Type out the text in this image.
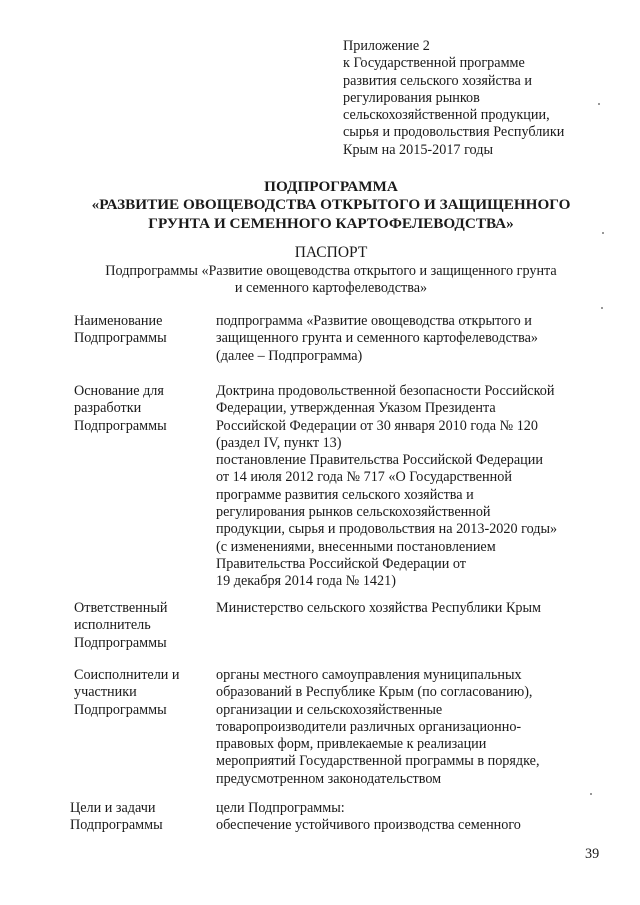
Приложение 2
к Государственной программе
развития сельского хозяйства и
регулирования рынков
сельскохозяйственной продукции,
сырья и продовольствия Республики
Крым на 2015-2017 годы
ПОДПРОГРАММА
«РАЗВИТИЕ ОВОЩЕВОДСТВА ОТКРЫТОГО И ЗАЩИЩЕННОГО
ГРУНТА И СЕМЕННОГО КАРТОФЕЛЕВОДСТВА»
ПАСПОРТ
Подпрограммы «Развитие овощеводства открытого и защищенного грунта
и семенного картофелеводства»
Наименование
Подпрограммы
подпрограмма «Развитие овощеводства открытого и
защищенного грунта и семенного картофелеводства»
(далее – Подпрограмма)
Основание для
разработки
Подпрограммы
Доктрина продовольственной безопасности Российской
Федерации, утвержденная Указом Президента
Российской Федерации от 30 января 2010 года № 120
(раздел IV, пункт 13)
постановление Правительства Российской Федерации
от 14 июля 2012 года № 717 «О Государственной
программе развития сельского хозяйства и
регулирования рынков сельскохозяйственной
продукции, сырья и продовольствия на 2013-2020 годы»
(с изменениями, внесенными постановлением
Правительства Российской Федерации от
19 декабря 2014 года № 1421)
Ответственный
исполнитель
Подпрограммы
Министерство сельского хозяйства Республики Крым
Соисполнители и
участники
Подпрограммы
органы местного самоуправления муниципальных
образований в Республике Крым (по согласованию),
организации и сельскохозяйственные
товаропроизводители различных организационно-
правовых форм, привлекаемые к реализации
мероприятий Государственной программы в порядке,
предусмотренном законодательством
Цели и задачи
Подпрограммы
цели Подпрограммы:
обеспечение устойчивого производства семенного
39
